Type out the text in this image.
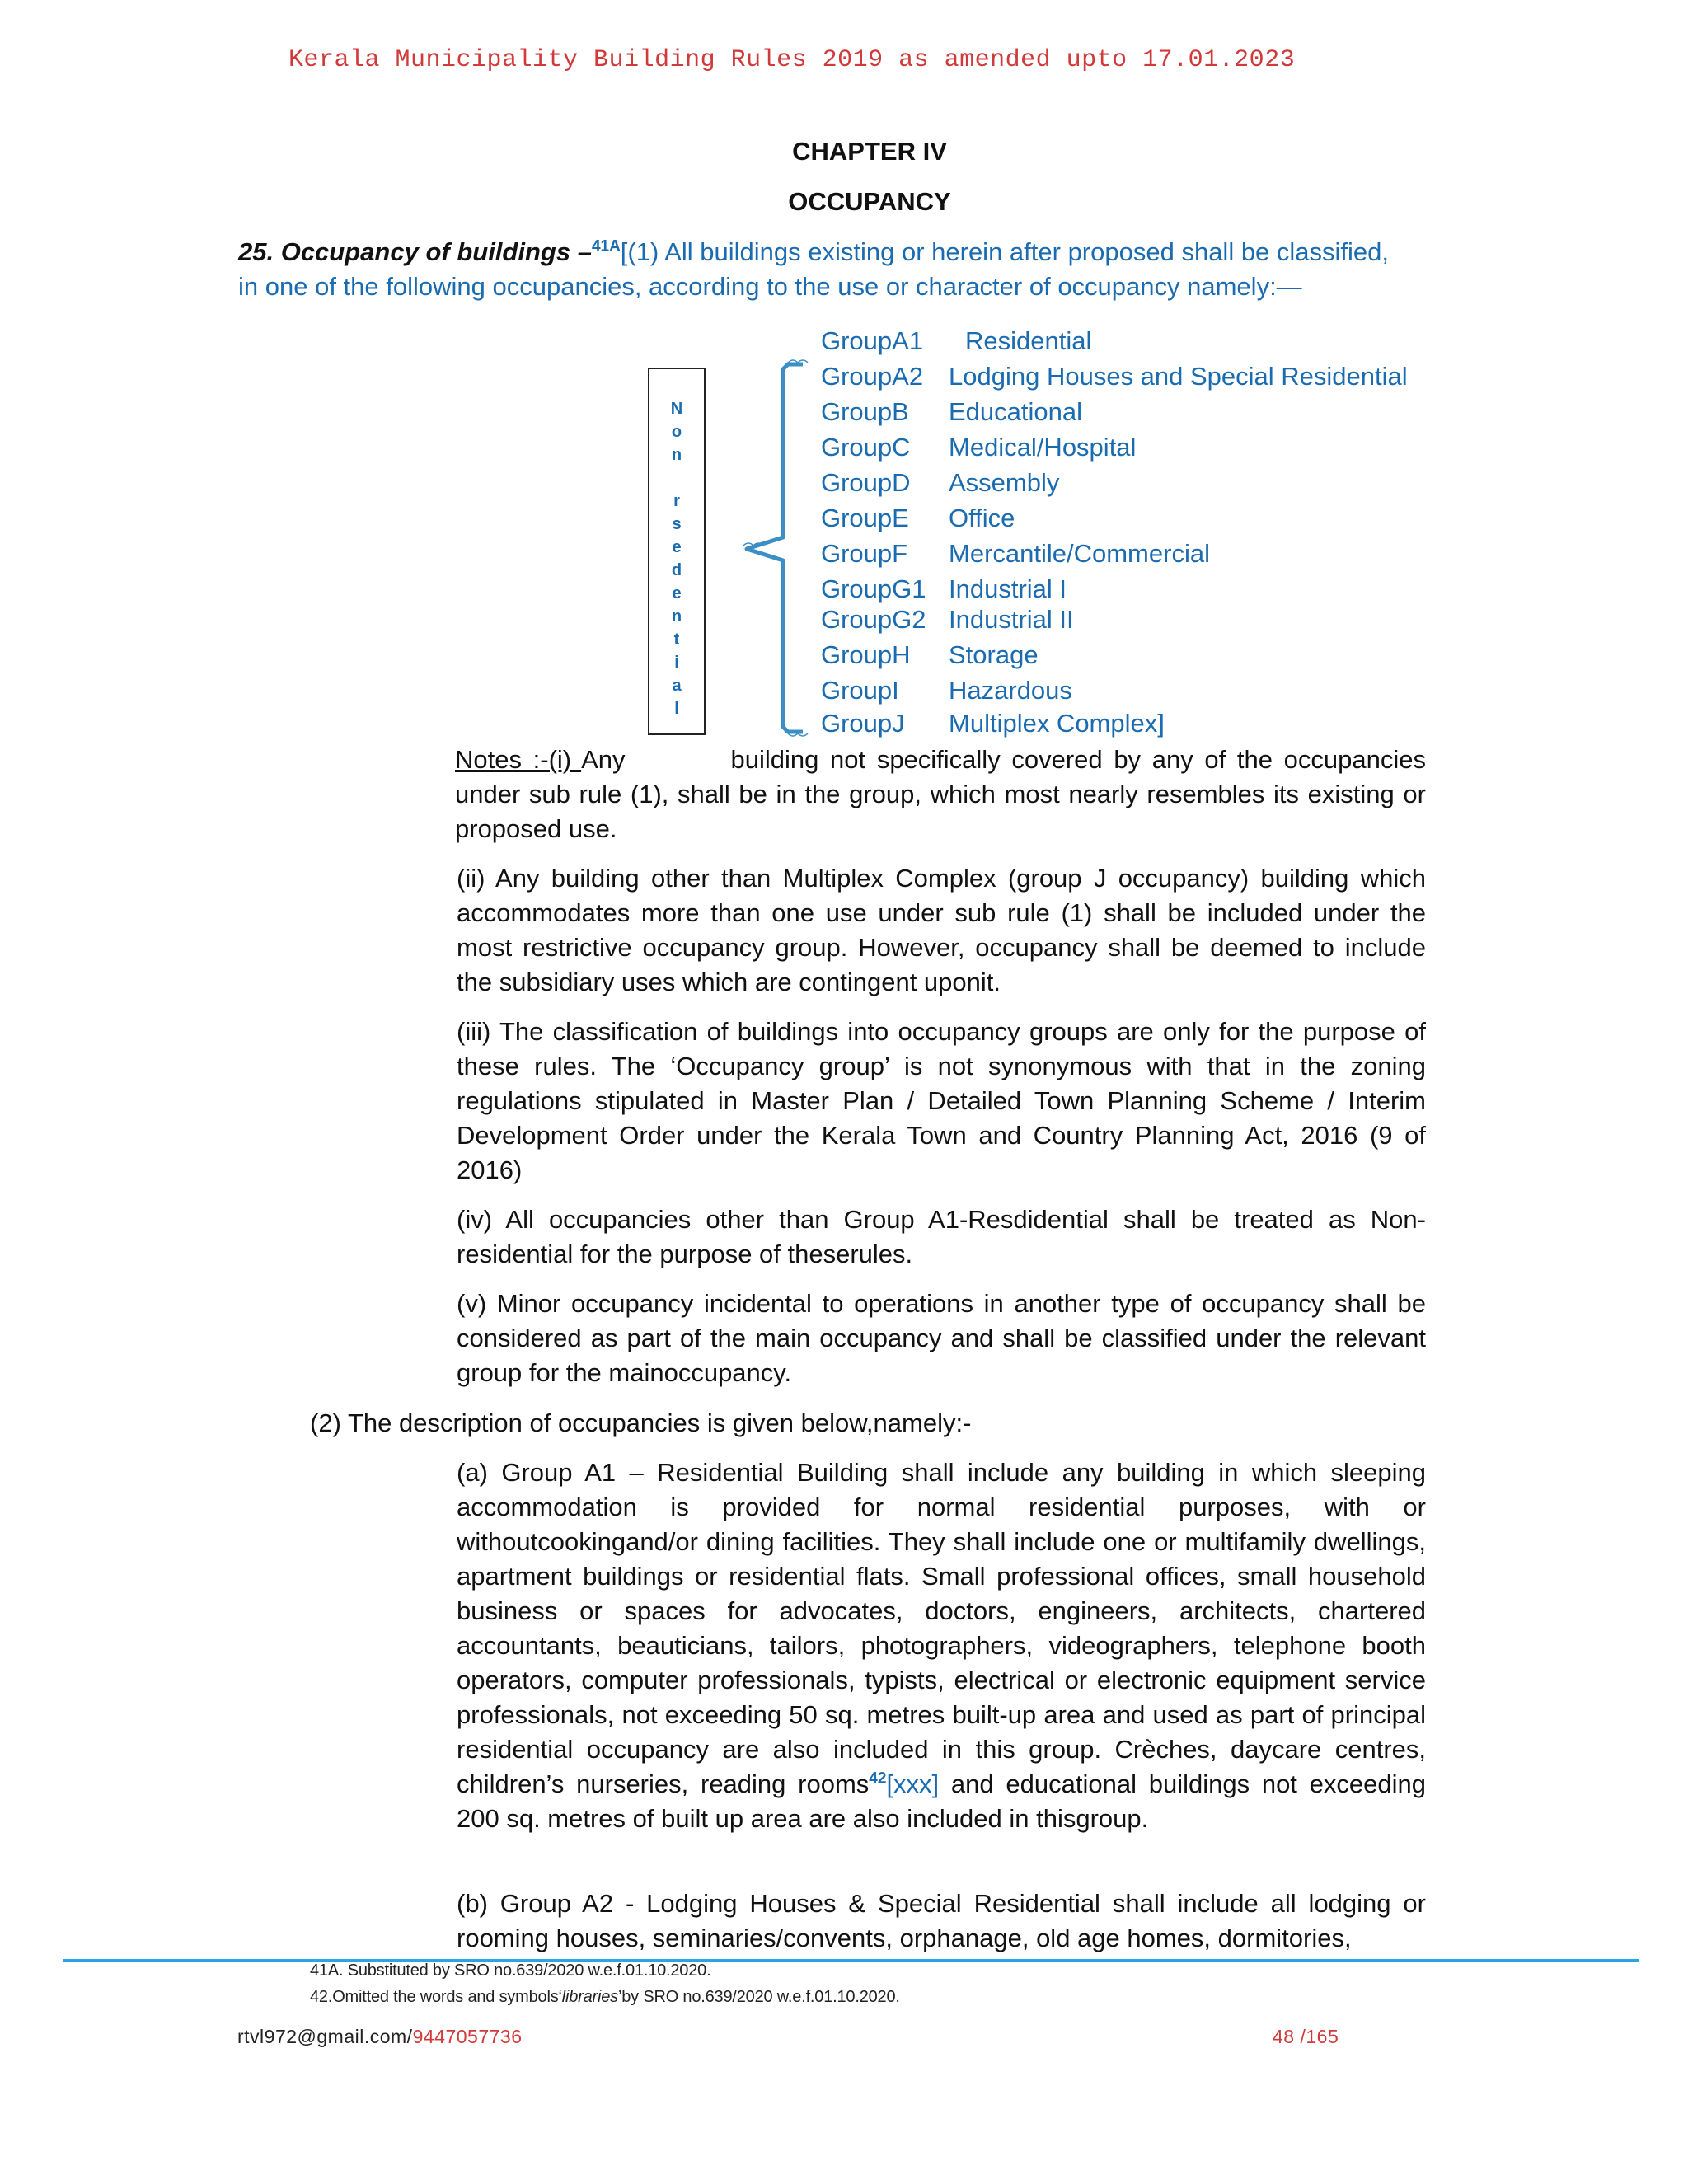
Kerala Municipality Building Rules 2019 as amended upto 17.01.2023
CHAPTER IV
OCCUPANCY
25. Occupancy of buildings –$^{41A}$[(1) All buildings existing or herein after proposed shall be classified,
in one of the following occupancies, according to the use or character of occupancy namely:—
N
o
n
r
s
e
d
e
n
t
i
a
l
GroupA1 Residential
GroupA2 Lodging Houses and Special Residential
GroupB Educational
GroupC Medical/Hospital
GroupD Assembly
GroupE Office
GroupF Mercantile/Commercial
GroupG1 Industrial I
GroupG2 Industrial II
GroupH Storage
GroupI Hazardous
GroupJ Multiplex Complex]

Notes :-(i) Any	building not specifically covered by any of the occupancies under sub rule (1), shall be in the group, which most nearly resembles its existing or proposed use.

(ii) Any building other than Multiplex Complex (group J occupancy) building which accommodates more than one use under sub rule (1) shall be included under the most restrictive occupancy group. However, occupancy shall be deemed to include the subsidiary uses which are contingent uponit.

(iii) The classification of buildings into occupancy groups are only for the purpose of these rules. The ‘Occupancy group’ is not synonymous with that in the zoning regulations stipulated in Master Plan / Detailed Town Planning Scheme / Interim Development Order under the Kerala Town and Country Planning Act, 2016 (9 of 2016)

(iv) All occupancies other than Group A1-Resdidential shall be treated as Non-residential for the purpose of theserules.

(v) Minor occupancy incidental to operations in another type of occupancy shall be considered as part of the main occupancy and shall be classified under the relevant group for the mainoccupancy.

(2) The description of occupancies is given below,namely:-

(a) Group A1 – Residential Building shall include any building in which sleeping accommodation is provided for normal residential purposes, with or withoutcookingand/or dining facilities. They shall include one or multifamily dwellings, apartment buildings or residential flats. Small professional offices, small household business or spaces for advocates, doctors, engineers, architects, chartered accountants, beauticians, tailors, photographers, videographers, telephone booth operators, computer professionals, typists, electrical or electronic equipment service professionals, not exceeding 50 sq. metres built-up area and used as part of principal residential occupancy are also included in this group. Crèches, daycare centres, children’s nurseries, reading rooms$^{42}$[xxx] and educational buildings not exceeding 200 sq. metres of built up area are also included in thisgroup.

(b) Group A2 - Lodging Houses & Special Residential shall include all lodging or rooming houses, seminaries/convents, orphanage, old age homes, dormitories,

41A. Substituted by SRO no.639/2020 w.e.f.01.10.2020.
42.Omitted the words and symbols‘libraries’by SRO no.639/2020 w.e.f.01.10.2020.
rtvl972@gmail.com/9447057736	48 /165
